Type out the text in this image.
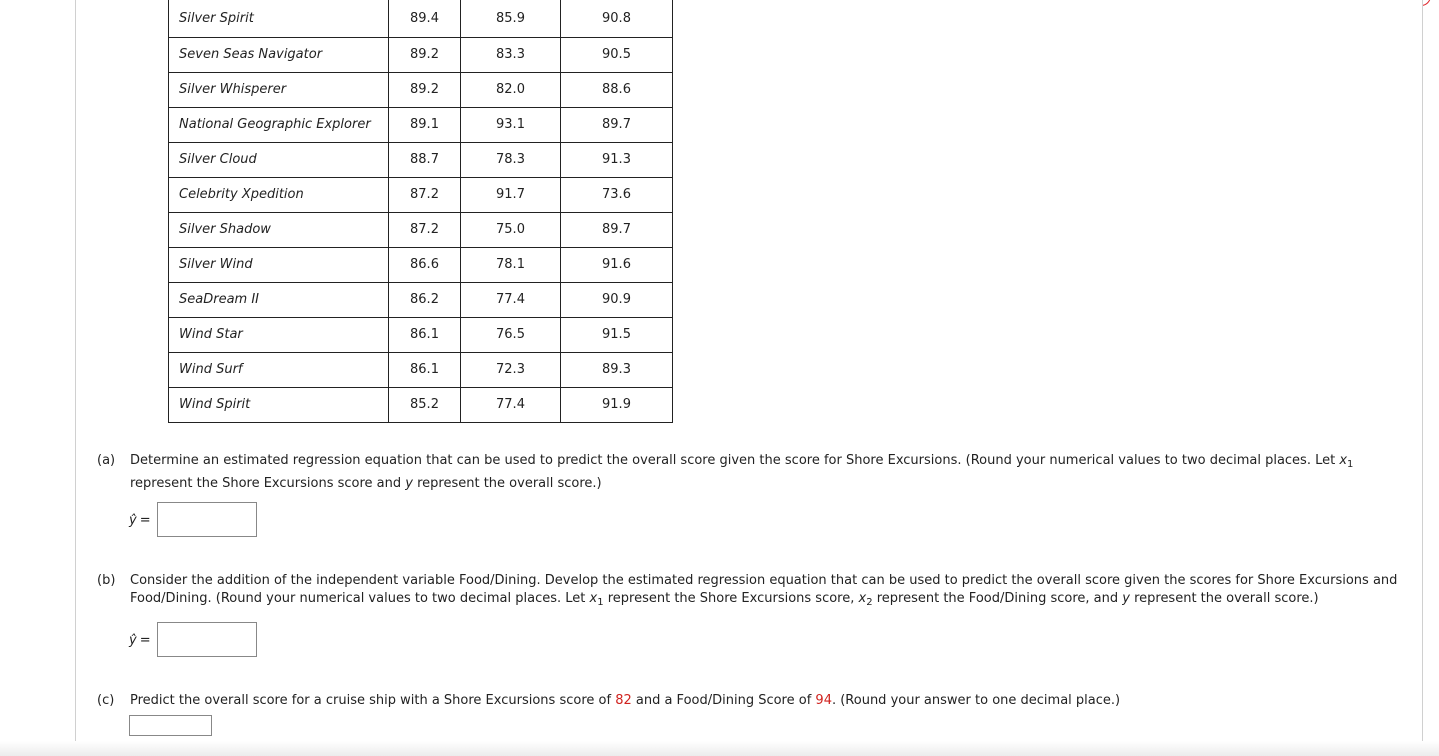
Silver Spirit	89.4	85.9	90.8
Seven Seas Navigator	89.2	83.3	90.5
Silver Whisperer	89.2	82.0	88.6
National Geographic Explorer	89.1	93.1	89.7
Silver Cloud	88.7	78.3	91.3
Celebrity Xpedition	87.2	91.7	73.6
Silver Shadow	87.2	75.0	89.7
Silver Wind	86.6	78.1	91.6
SeaDream II	86.2	77.4	90.9
Wind Star	86.1	76.5	91.5
Wind Surf	86.1	72.3	89.3
Wind Spirit	85.2	77.4	91.9
(a) Determine an estimated regression equation that can be used to predict the overall score given the score for Shore Excursions. (Round your numerical values to two decimal places. Let $x_1$
represent the Shore Excursions score and y represent the overall score.)
ŷ =
(b) Consider the addition of the independent variable Food/Dining. Develop the estimated regression equation that can be used to predict the overall score given the scores for Shore Excursions and
Food/Dining. (Round your numerical values to two decimal places. Let $x_1$ represent the Shore Excursions score, $x_2$ represent the Food/Dining score, and y represent the overall score.)
ŷ =
(c) Predict the overall score for a cruise ship with a Shore Excursions score of 82 and a Food/Dining Score of 94. (Round your answer to one decimal place.)
